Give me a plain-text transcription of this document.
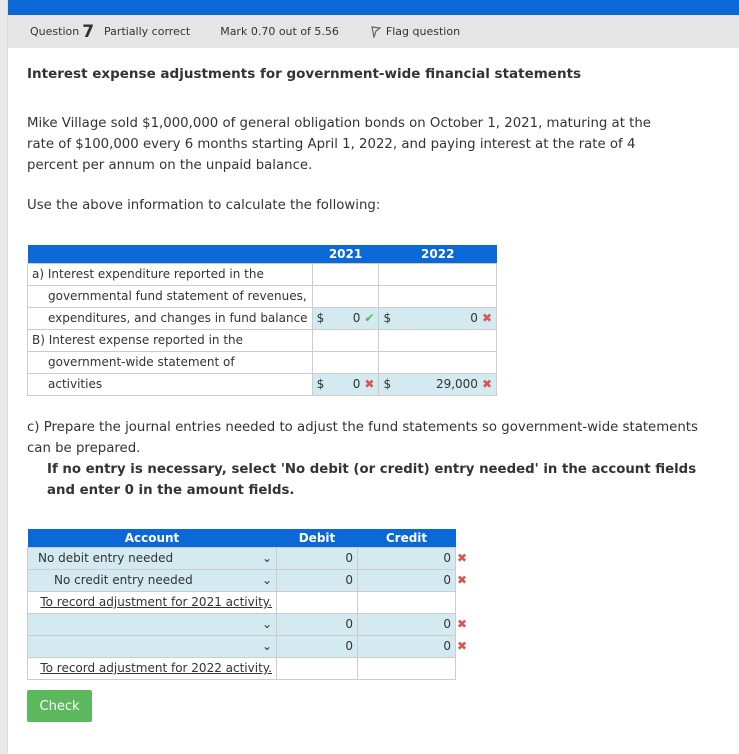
Question 7 Partially correct	Mark 0.70 out of 5.56	Flag question
Interest expense adjustments for government-wide financial statements
Mike Village sold $1,000,000 of general obligation bonds on October 1, 2021, maturing at the rate of $100,000 every 6 months starting April 1, 2022, and paying interest at the rate of 4 percent per annum on the unpaid balance.
Use the above information to calculate the following:
	2021	2022
a) Interest expenditure reported in the		
governmental fund statement of revenues,		
expenditures, and changes in fund balance	$ 0 ✔	$ 0 ✖

B) Interest expense reported in the		
government-wide statement of		
activities	$ 0 ✖	$ 29,000 ✖
c) Prepare the journal entries needed to adjust the fund statements so government-wide statements can be prepared.
If no entry is necessary, select 'No debit (or credit) entry needed' in the account fields and enter 0 in the amount fields.
Account	Debit	Credit

No debit entry needed ⌄	0	0

No credit entry needed ⌄	0	0
To record adjustment for 2021 activity.		

⌄	0	0

⌄	0	0
To record adjustment for 2022 activity.		
✖
✖
✖
✖
Check
